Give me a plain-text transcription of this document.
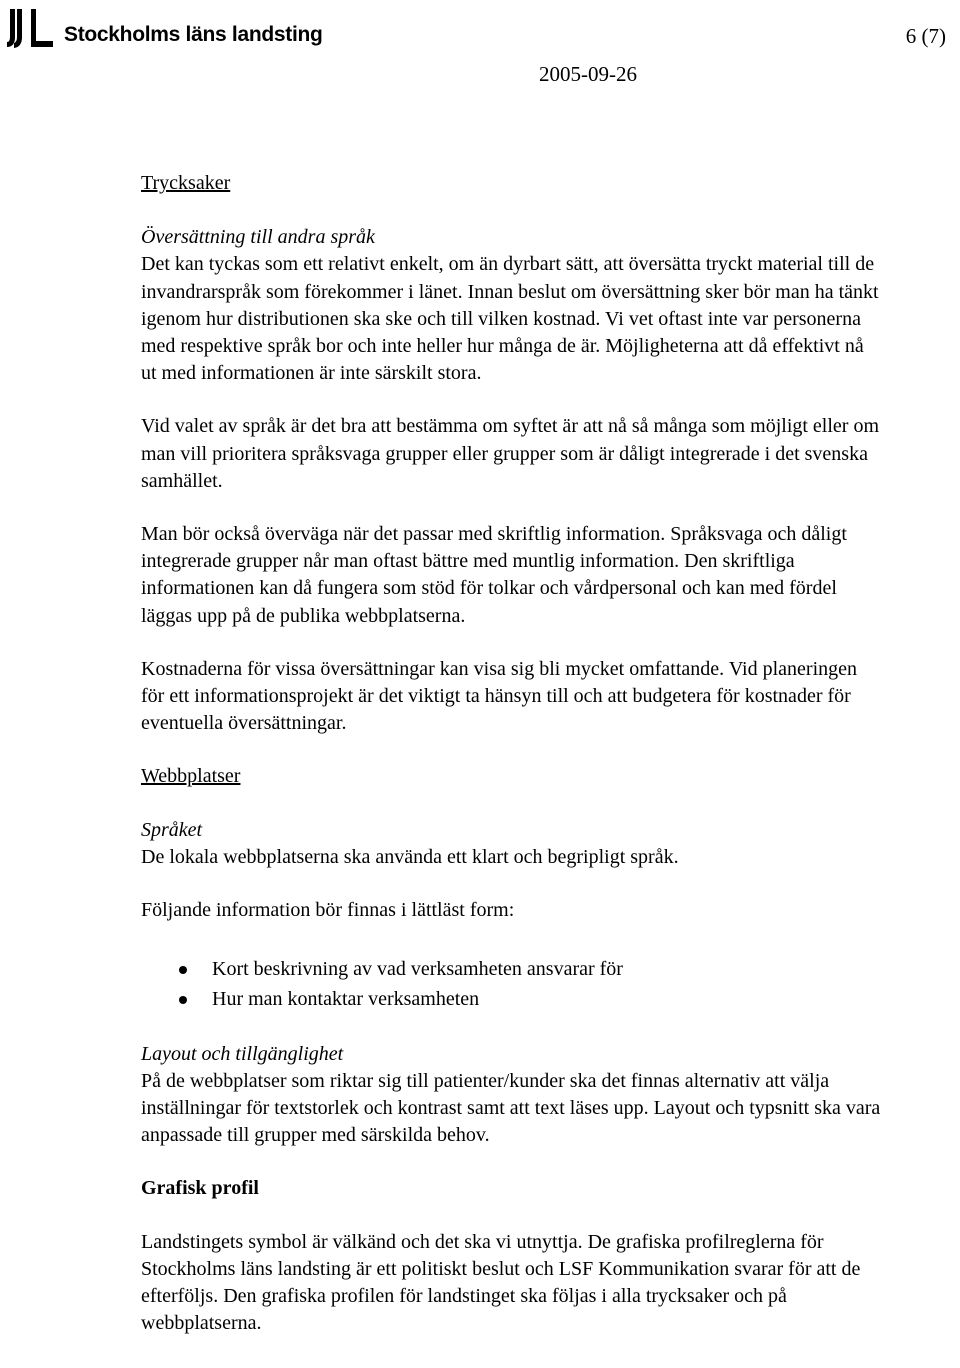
Stockholms läns landsting	6 (7)
2005-09-26

Trycksaker

Översättning till andra språk

Det kan tyckas som ett relativt enkelt, om än dyrbart sätt, att översätta tryckt material till de invandrarspråk som förekommer i länet. Innan beslut om översättning sker bör man ha tänkt igenom hur distributionen ska ske och till vilken kostnad. Vi vet oftast inte var personerna med respektive språk bor och inte heller hur många de är. Möjligheterna att då effektivt nå ut med informationen är inte särskilt stora.

Vid valet av språk är det bra att bestämma om syftet är att nå så många som möjligt eller om man vill prioritera språksvaga grupper eller grupper som är dåligt integrerade i det svenska samhället.

Man bör också överväga när det passar med skriftlig information. Språksvaga och dåligt integrerade grupper når man oftast bättre med muntlig information. Den skriftliga informationen kan då fungera som stöd för tolkar och vårdpersonal och kan med fördel läggas upp på de publika webbplatserna.

Kostnaderna för vissa översättningar kan visa sig bli mycket omfattande. Vid planeringen för ett informationsprojekt är det viktigt ta hänsyn till och att budgetera för kostnader för eventuella översättningar.

Webbplatser

Språket

De lokala webbplatserna ska använda ett klart och begripligt språk.

Följande information bör finnas i lättläst form:

Kort beskrivning av vad verksamheten ansvarar för
Hur man kontaktar verksamheten

Layout och tillgänglighet

På de webbplatser som riktar sig till patienter/kunder ska det finnas alternativ att välja inställningar för textstorlek och kontrast samt att text läses upp. Layout och typsnitt ska vara anpassade till grupper med särskilda behov.

Grafisk profil

Landstingets symbol är välkänd och det ska vi utnyttja. De grafiska profilreglerna för Stockholms läns landsting är ett politiskt beslut och LSF Kommunikation svarar för att de efterföljs. Den grafiska profilen för landstinget ska följas i alla trycksaker och på webbplatserna.
